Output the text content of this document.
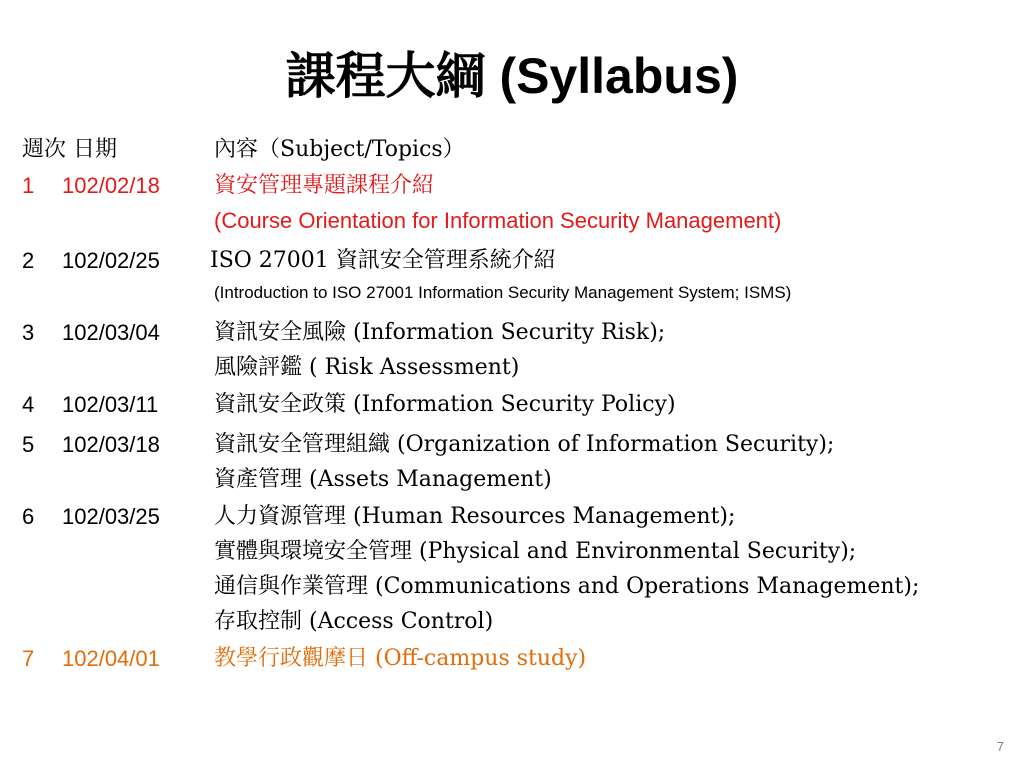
課程大綱 (Syllabus)
週次 日期	內容（Subject/Topics）
1	102/02/18	資安管理專題課程介紹
(Course Orientation for Information Security Management)
2	102/02/25	ISO 27001 資訊安全管理系統介紹
(Introduction to ISO 27001 Information Security Management System; ISMS)
3	102/03/04	資訊安全風險 (Information Security Risk);
風險評鑑 ( Risk Assessment)
4	102/03/11	資訊安全政策 (Information Security Policy)
5	102/03/18	資訊安全管理組織 (Organization of Information Security);
資產管理 (Assets Management)
6	102/03/25	人力資源管理 (Human Resources Management);
實體與環境安全管理 (Physical and Environmental Security);
通信與作業管理 (Communications and Operations Management);
存取控制 (Access Control)
7	102/04/01	教學行政觀摩日 (Off-campus study)
7
